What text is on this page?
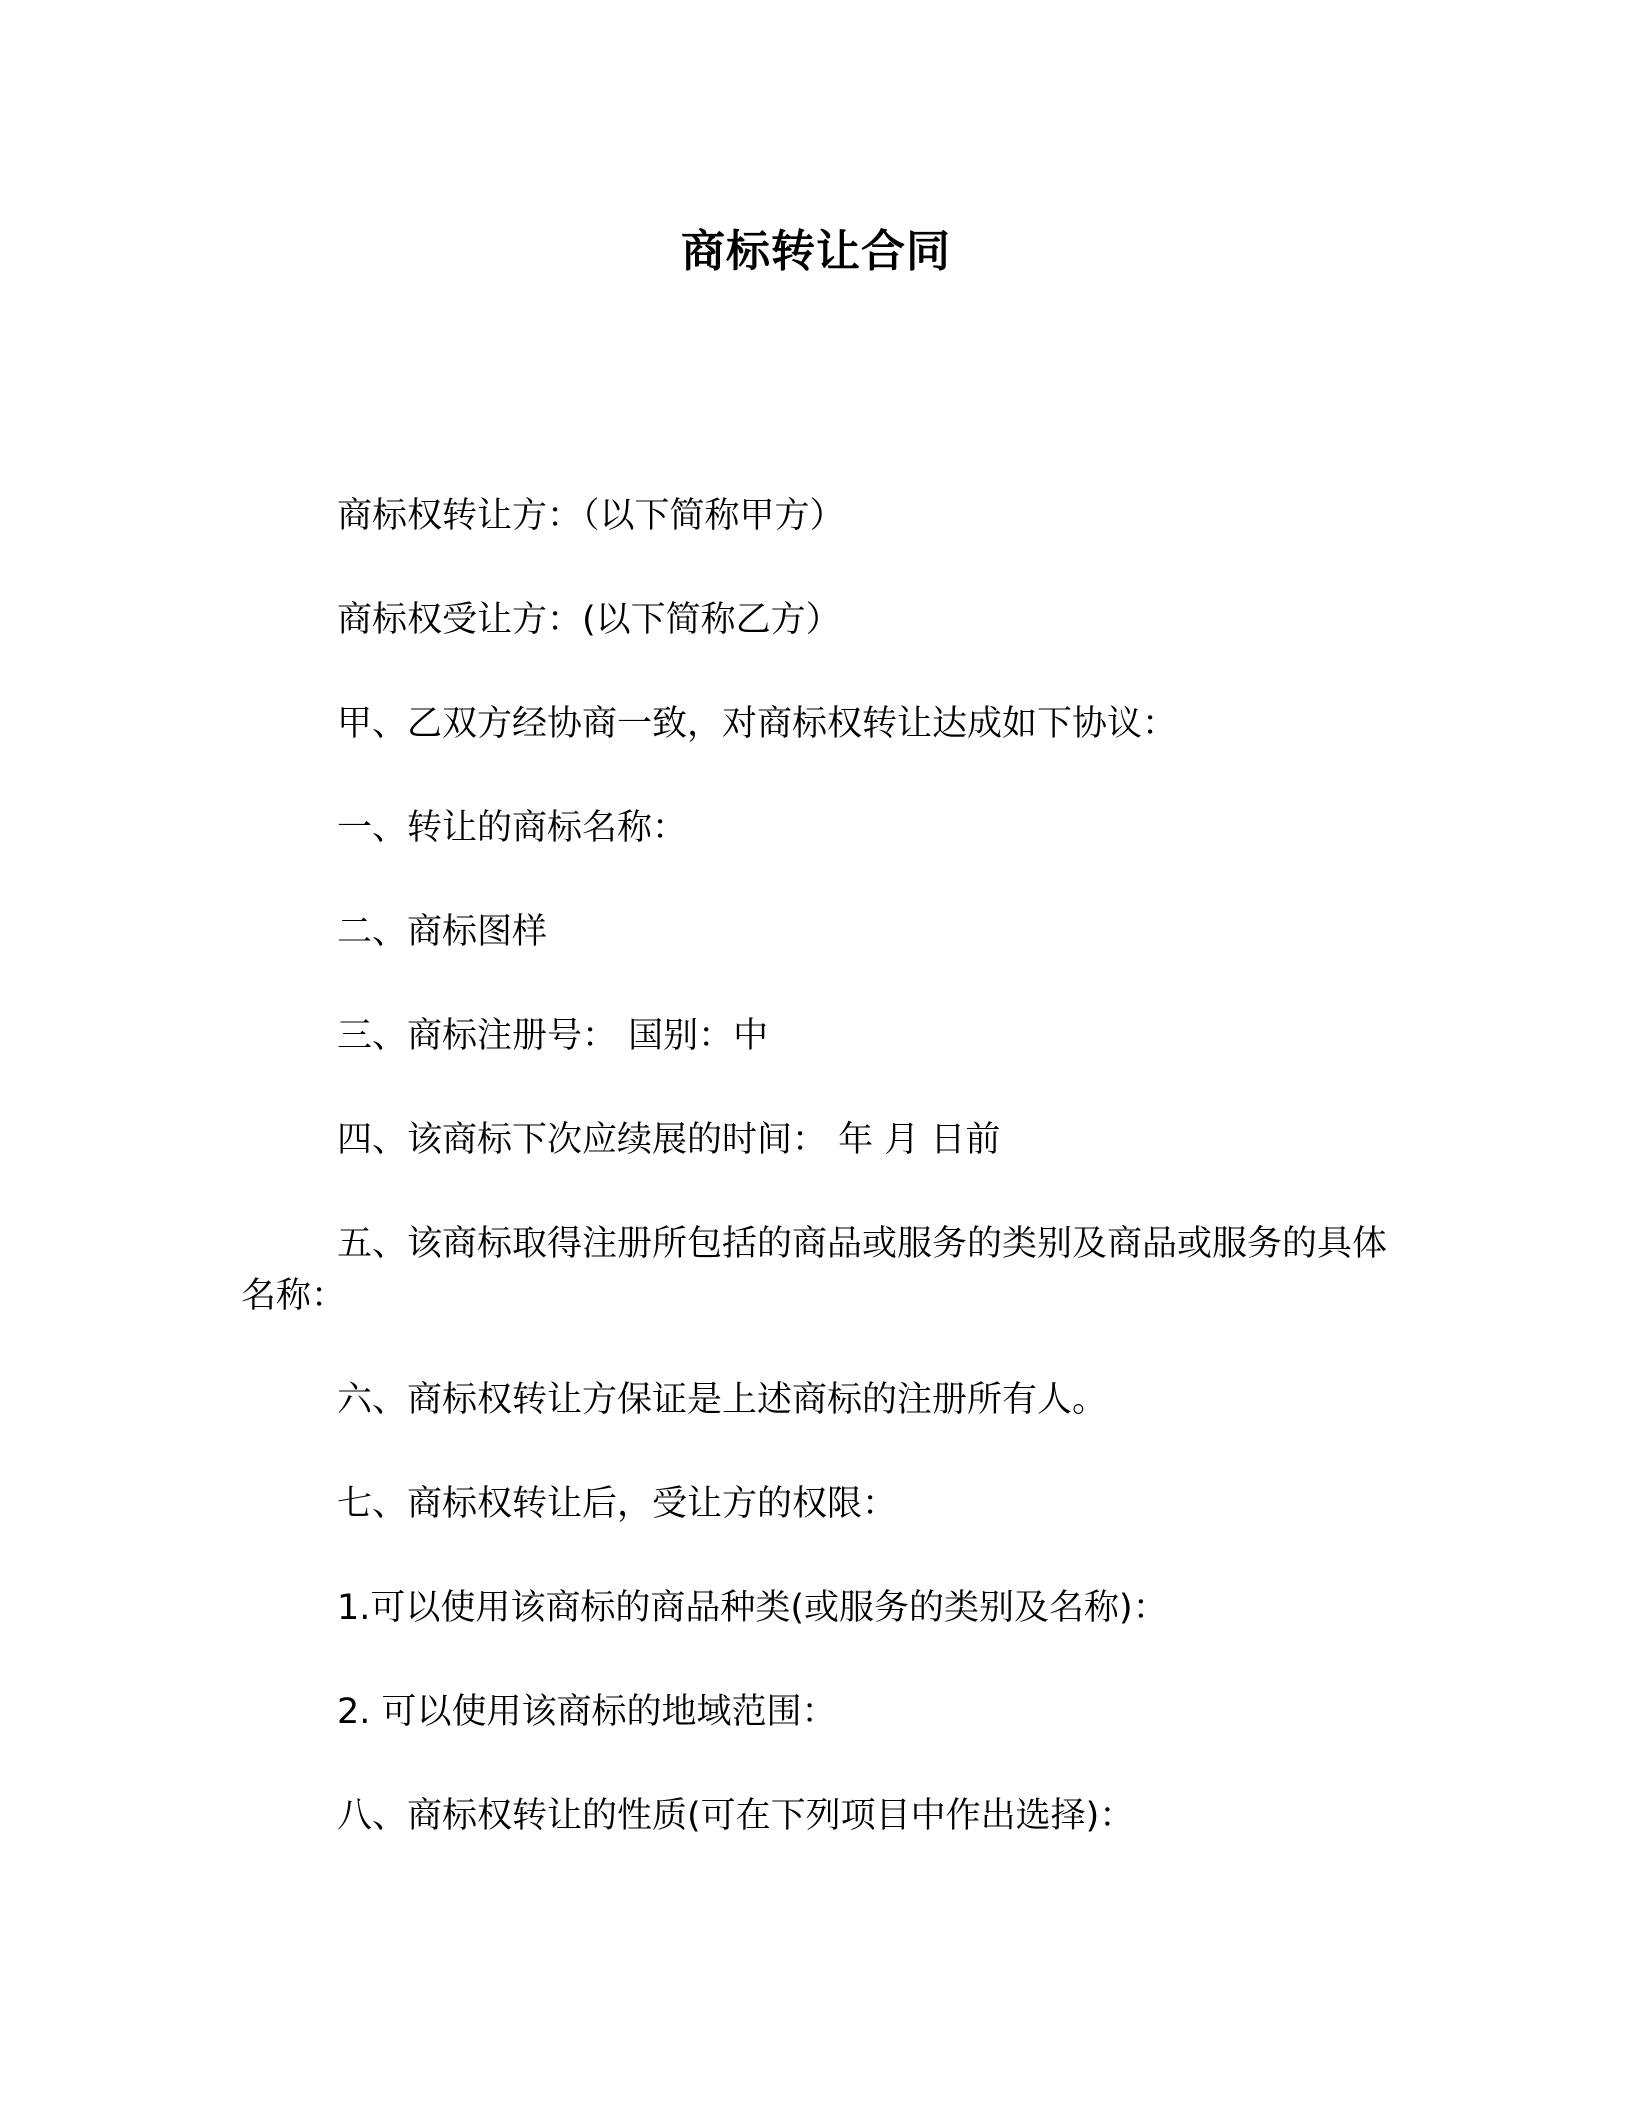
商标转让合同

商标权转让方：（以下简称甲方）

商标权受让方：(以下简称乙方）

甲、乙双方经协商一致，对商标权转让达成如下协议：

一、转让的商标名称：

二、商标图样

三、商标注册号： 国别：中

四、该商标下次应续展的时间： 年 月 日前

五、该商标取得注册所包括的商品或服务的类别及商品或服务的具体名称：

六、商标权转让方保证是上述商标的注册所有人。

七、商标权转让后，受让方的权限：

1.可以使用该商标的商品种类(或服务的类别及名称)：

2. 可以使用该商标的地域范围：

八、商标权转让的性质(可在下列项目中作出选择)：
